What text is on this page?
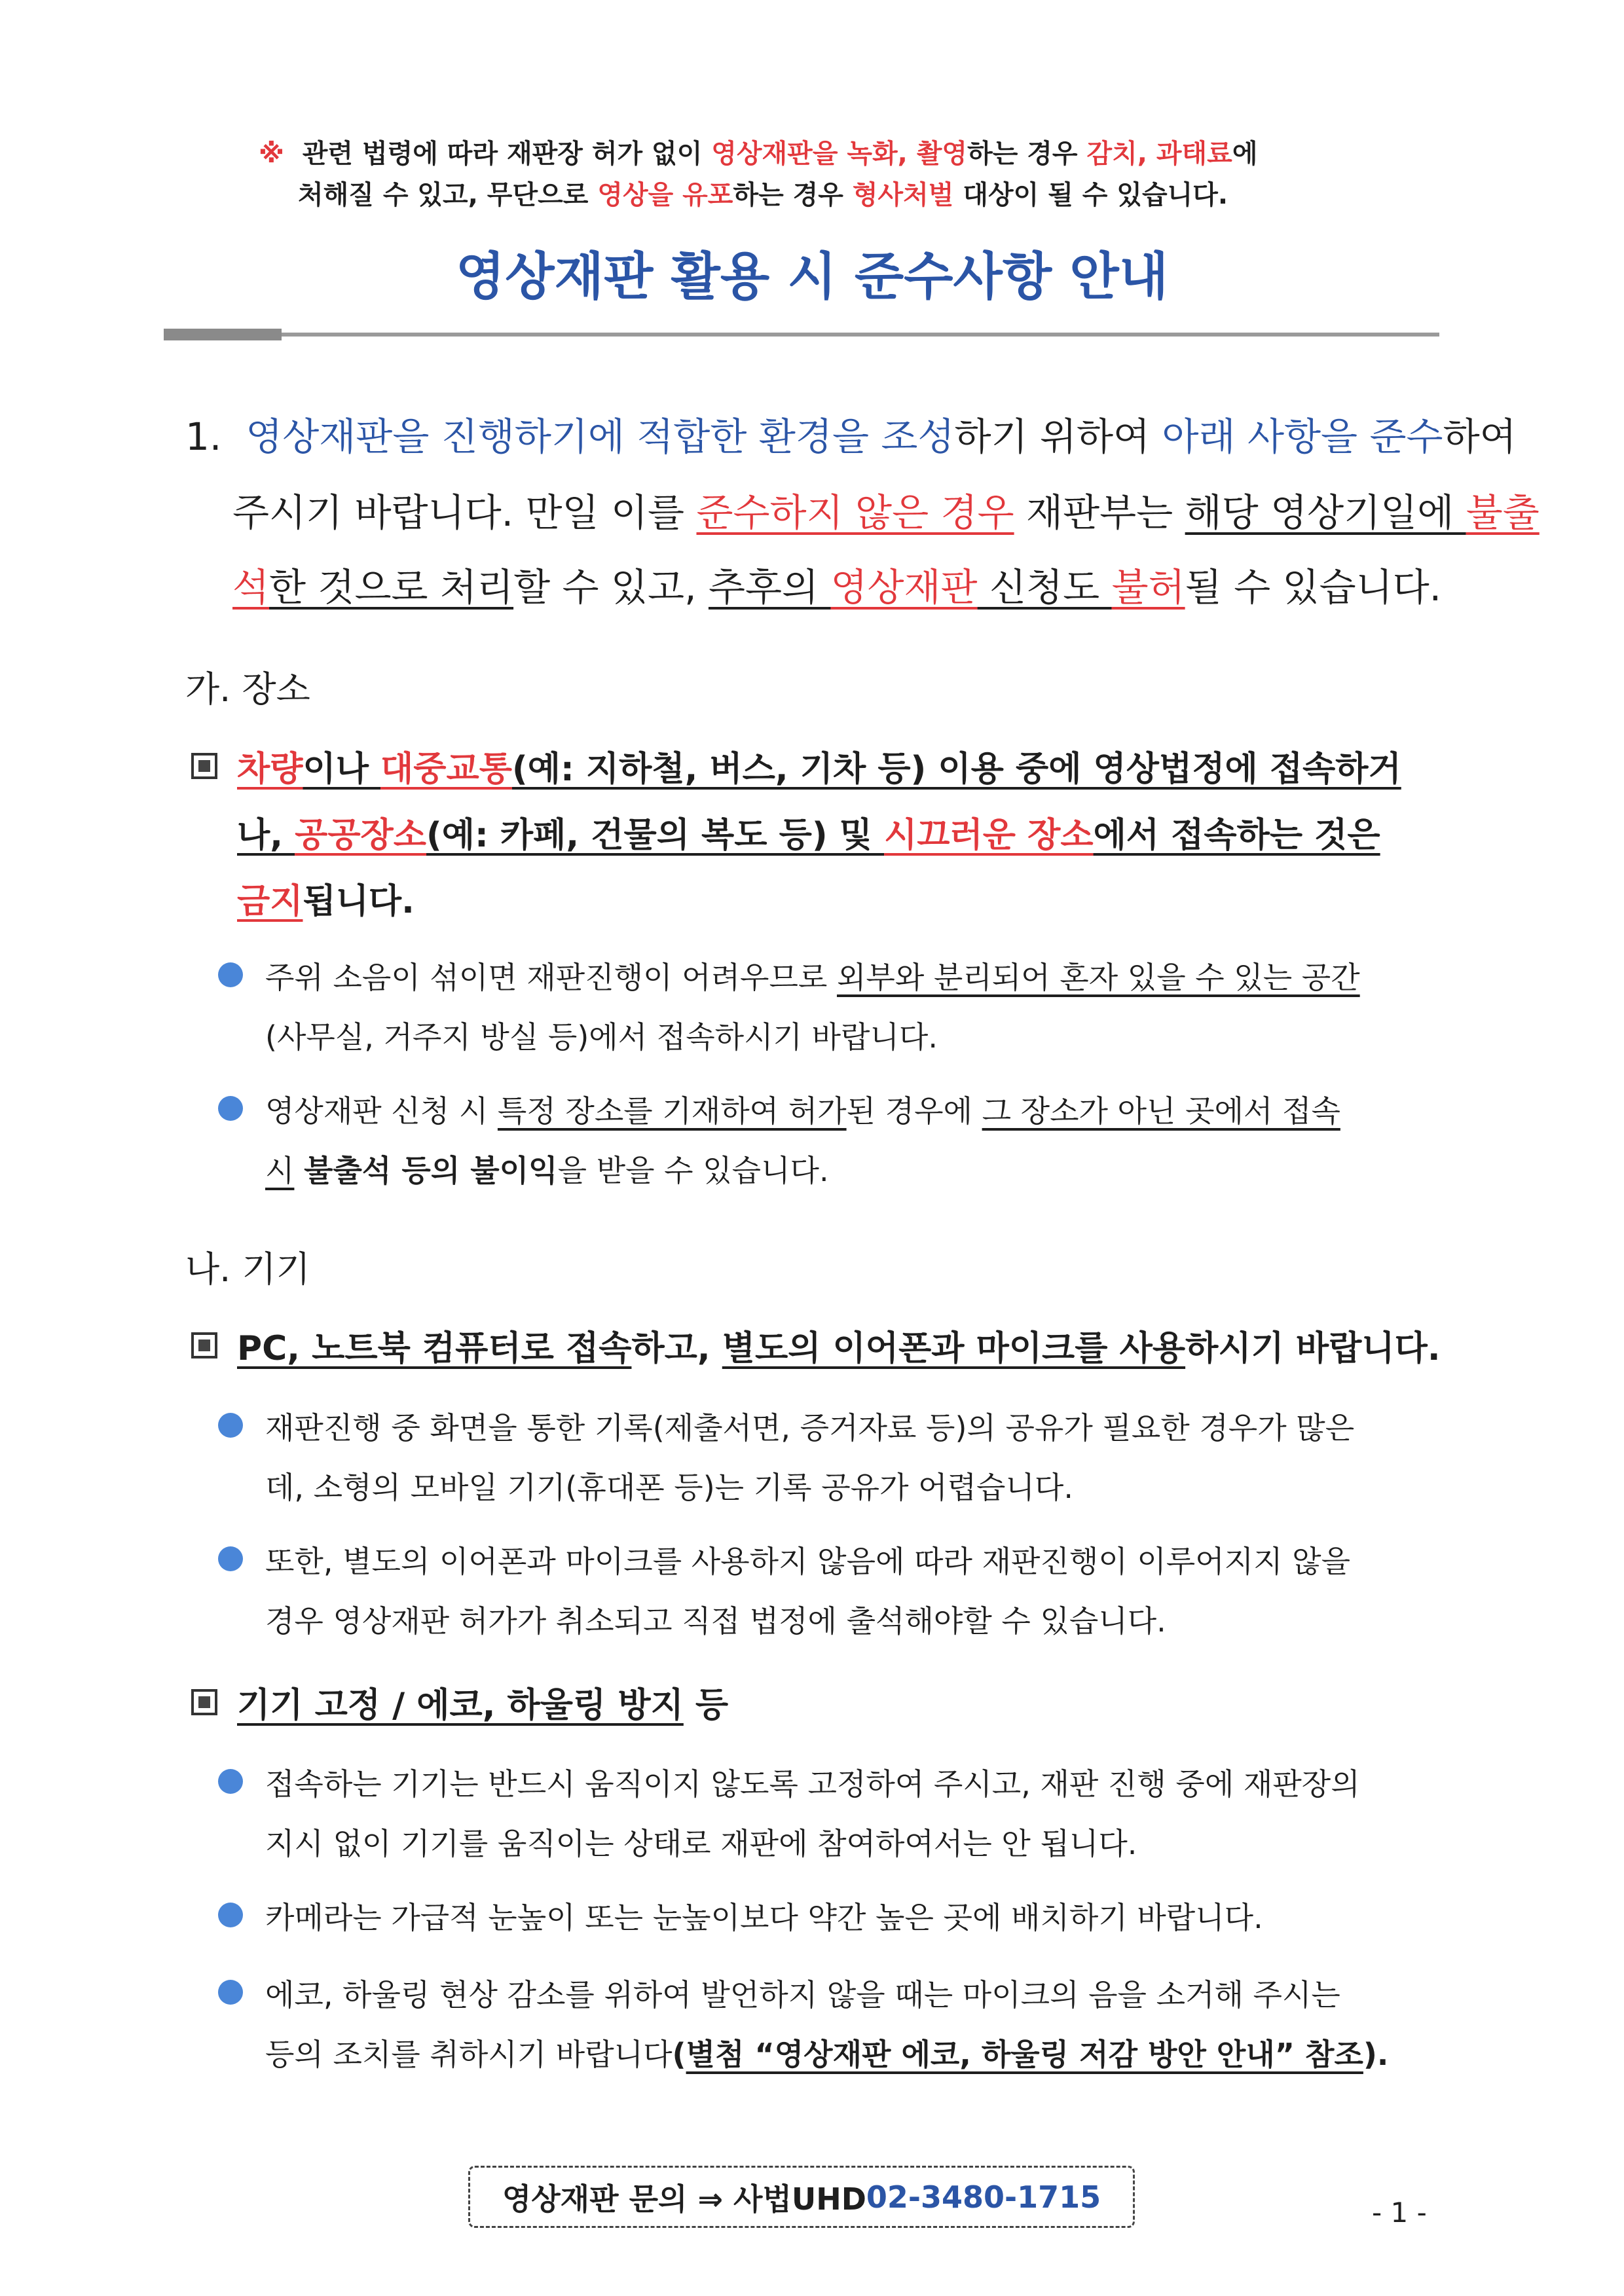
※ 관련 법령에 따라 재판장 허가 없이 영상재판을 녹화, 촬영하는 경우 감치, 과태료에
처해질 수 있고, 무단으로 영상을 유포하는 경우 형사처벌 대상이 될 수 있습니다.
영상재판 활용 시 준수사항 안내
1. 영상재판을 진행하기에 적합한 환경을 조성하기 위하여 아래 사항을 준수하여
주시기 바랍니다. 만일 이를 준수하지 않은 경우 재판부는 해당 영상기일에 불출
석한 것으로 처리할 수 있고, 추후의 영상재판 신청도 불허될 수 있습니다.
가. 장소
차량이나 대중교통(예: 지하철, 버스, 기차 등) 이용 중에 영상법정에 접속하거
나, 공공장소(예: 카페, 건물의 복도 등) 및 시끄러운 장소에서 접속하는 것은
금지됩니다.
주위 소음이 섞이면 재판진행이 어려우므로 외부와 분리되어 혼자 있을 수 있는 공간
(사무실, 거주지 방실 등)에서 접속하시기 바랍니다.
영상재판 신청 시 특정 장소를 기재하여 허가된 경우에 그 장소가 아닌 곳에서 접속
시 불출석 등의 불이익을 받을 수 있습니다.
나. 기기
PC, 노트북 컴퓨터로 접속하고, 별도의 이어폰과 마이크를 사용하시기 바랍니다.
재판진행 중 화면을 통한 기록(제출서면, 증거자료 등)의 공유가 필요한 경우가 많은
데, 소형의 모바일 기기(휴대폰 등)는 기록 공유가 어렵습니다.
또한, 별도의 이어폰과 마이크를 사용하지 않음에 따라 재판진행이 이루어지지 않을
경우 영상재판 허가가 취소되고 직접 법정에 출석해야할 수 있습니다.
기기 고정 / 에코, 하울링 방지 등
접속하는 기기는 반드시 움직이지 않도록 고정하여 주시고, 재판 진행 중에 재판장의
지시 없이 기기를 움직이는 상태로 재판에 참여하여서는 안 됩니다.
카메라는 가급적 눈높이 또는 눈높이보다 약간 높은 곳에 배치하기 바랍니다.
에코, 하울링 현상 감소를 위하여 발언하지 않을 때는 마이크의 음을 소거해 주시는
등의 조치를 취하시기 바랍니다(별첨 “영상재판 에코, 하울링 저감 방안 안내” 참조).
영상재판 문의 ⇒ 사법UHD 02-3480-1715	- 1 -
